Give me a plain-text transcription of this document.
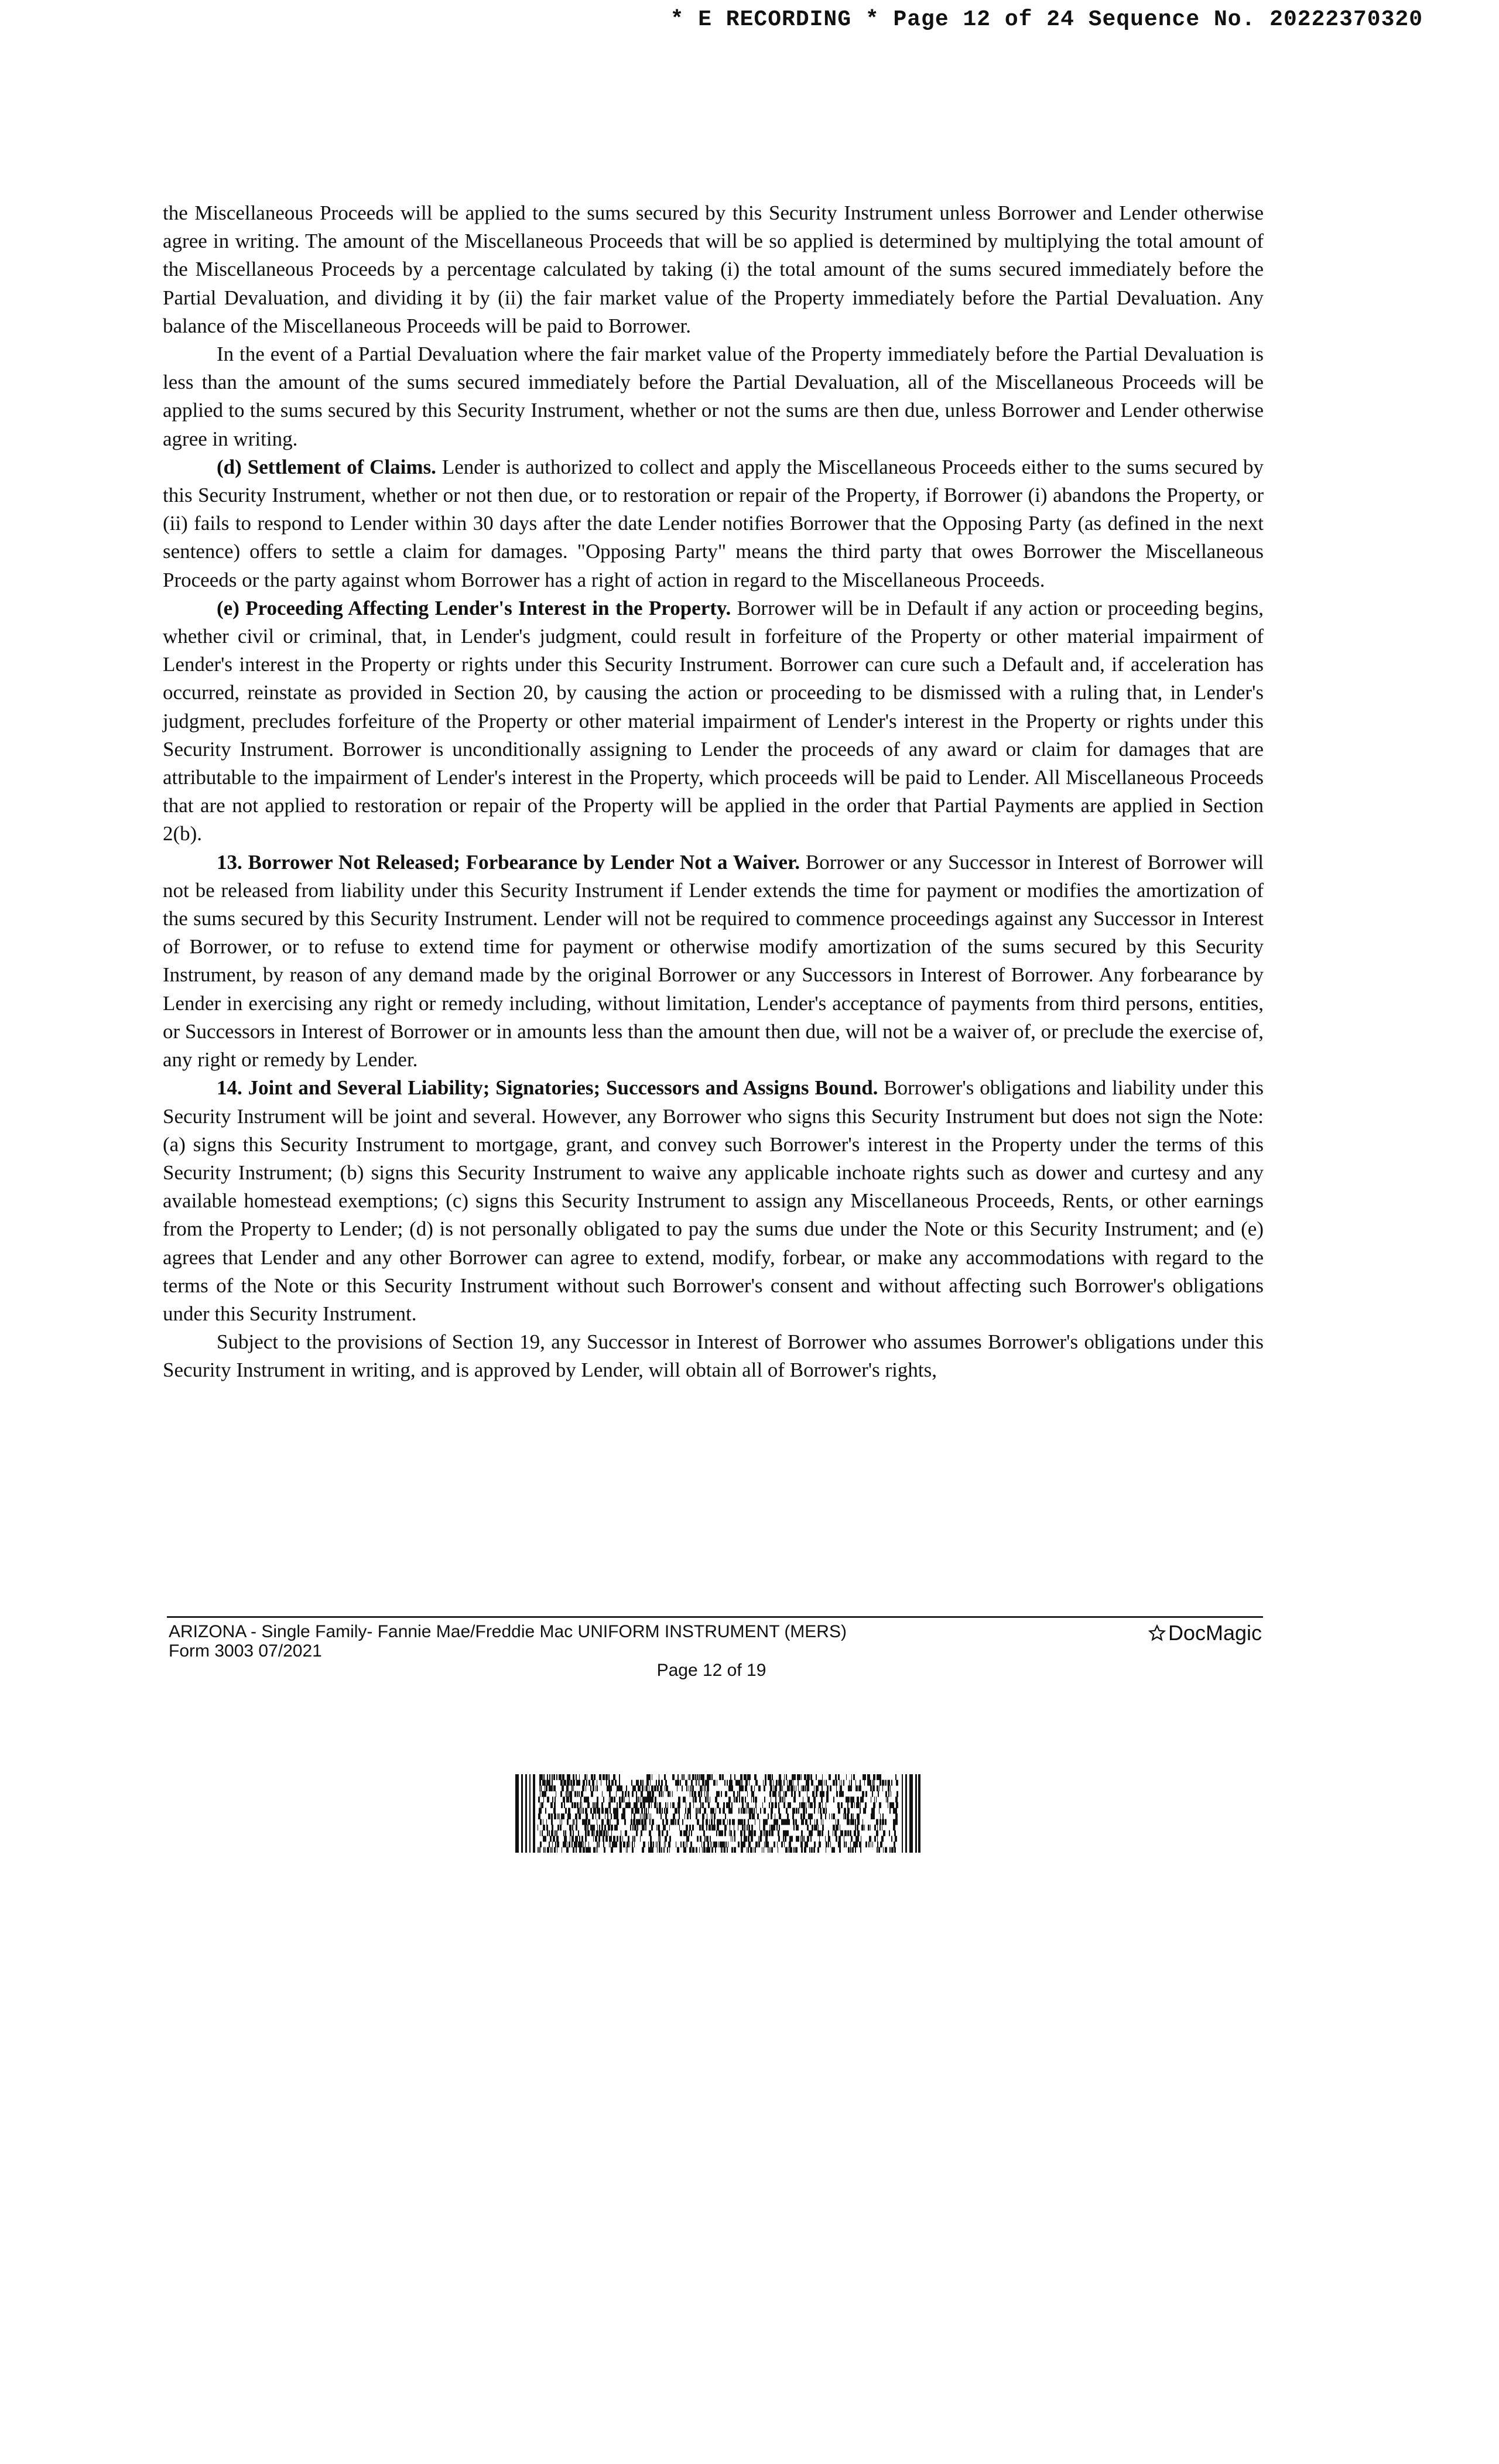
* E RECORDING * Page 12 of 24 Sequence No. 20222370320

the Miscellaneous Proceeds will be applied to the sums secured by this Security Instrument unless Borrower and Lender otherwise agree in writing. The amount of the Miscellaneous Proceeds that will be so applied is determined by multiplying the total amount of the Miscellaneous Proceeds by a percentage calculated by taking (i) the total amount of the sums secured immediately before the Partial Devaluation, and dividing it by (ii) the fair market value of the Property immediately before the Partial Devaluation. Any balance of the Miscellaneous Proceeds will be paid to Borrower.

In the event of a Partial Devaluation where the fair market value of the Property immediately before the Partial Devaluation is less than the amount of the sums secured immediately before the Partial Devaluation, all of the Miscellaneous Proceeds will be applied to the sums secured by this Security Instrument, whether or not the sums are then due, unless Borrower and Lender otherwise agree in writing.

(d) Settlement of Claims. Lender is authorized to collect and apply the Miscellaneous Proceeds either to the sums secured by this Security Instrument, whether or not then due, or to restoration or repair of the Property, if Borrower (i) abandons the Property, or (ii) fails to respond to Lender within 30 days after the date Lender notifies Borrower that the Opposing Party (as defined in the next sentence) offers to settle a claim for damages. "Opposing Party" means the third party that owes Borrower the Miscellaneous Proceeds or the party against whom Borrower has a right of action in regard to the Miscellaneous Proceeds.

(e) Proceeding Affecting Lender's Interest in the Property. Borrower will be in Default if any action or proceeding begins, whether civil or criminal, that, in Lender's judgment, could result in forfeiture of the Property or other material impairment of Lender's interest in the Property or rights under this Security Instrument. Borrower can cure such a Default and, if acceleration has occurred, reinstate as provided in Section 20, by causing the action or proceeding to be dismissed with a ruling that, in Lender's judgment, precludes forfeiture of the Property or other material impairment of Lender's interest in the Property or rights under this Security Instrument. Borrower is unconditionally assigning to Lender the proceeds of any award or claim for damages that are attributable to the impairment of Lender's interest in the Property, which proceeds will be paid to Lender. All Miscellaneous Proceeds that are not applied to restoration or repair of the Property will be applied in the order that Partial Payments are applied in Section 2(b).

13. Borrower Not Released; Forbearance by Lender Not a Waiver. Borrower or any Successor in Interest of Borrower will not be released from liability under this Security Instrument if Lender extends the time for payment or modifies the amortization of the sums secured by this Security Instrument. Lender will not be required to commence proceedings against any Successor in Interest of Borrower, or to refuse to extend time for payment or otherwise modify amortization of the sums secured by this Security Instrument, by reason of any demand made by the original Borrower or any Successors in Interest of Borrower. Any forbearance by Lender in exercising any right or remedy including, without limitation, Lender's acceptance of payments from third persons, entities, or Successors in Interest of Borrower or in amounts less than the amount then due, will not be a waiver of, or preclude the exercise of, any right or remedy by Lender.

14. Joint and Several Liability; Signatories; Successors and Assigns Bound. Borrower's obligations and liability under this Security Instrument will be joint and several. However, any Borrower who signs this Security Instrument but does not sign the Note: (a) signs this Security Instrument to mortgage, grant, and convey such Borrower's interest in the Property under the terms of this Security Instrument; (b) signs this Security Instrument to waive any applicable inchoate rights such as dower and curtesy and any available homestead exemptions; (c) signs this Security Instrument to assign any Miscellaneous Proceeds, Rents, or other earnings from the Property to Lender; (d) is not personally obligated to pay the sums due under the Note or this Security Instrument; and (e) agrees that Lender and any other Borrower can agree to extend, modify, forbear, or make any accommodations with regard to the terms of the Note or this Security Instrument without such Borrower's consent and without affecting such Borrower's obligations under this Security Instrument.

Subject to the provisions of Section 19, any Successor in Interest of Borrower who assumes Borrower's obligations under this Security Instrument in writing, and is approved by Lender, will obtain all of Borrower's rights,

ARIZONA - Single Family- Fannie Mae/Freddie Mac UNIFORM INSTRUMENT (MERS)
Form 3003 07/2021
DocMagic
Page 12 of 19
